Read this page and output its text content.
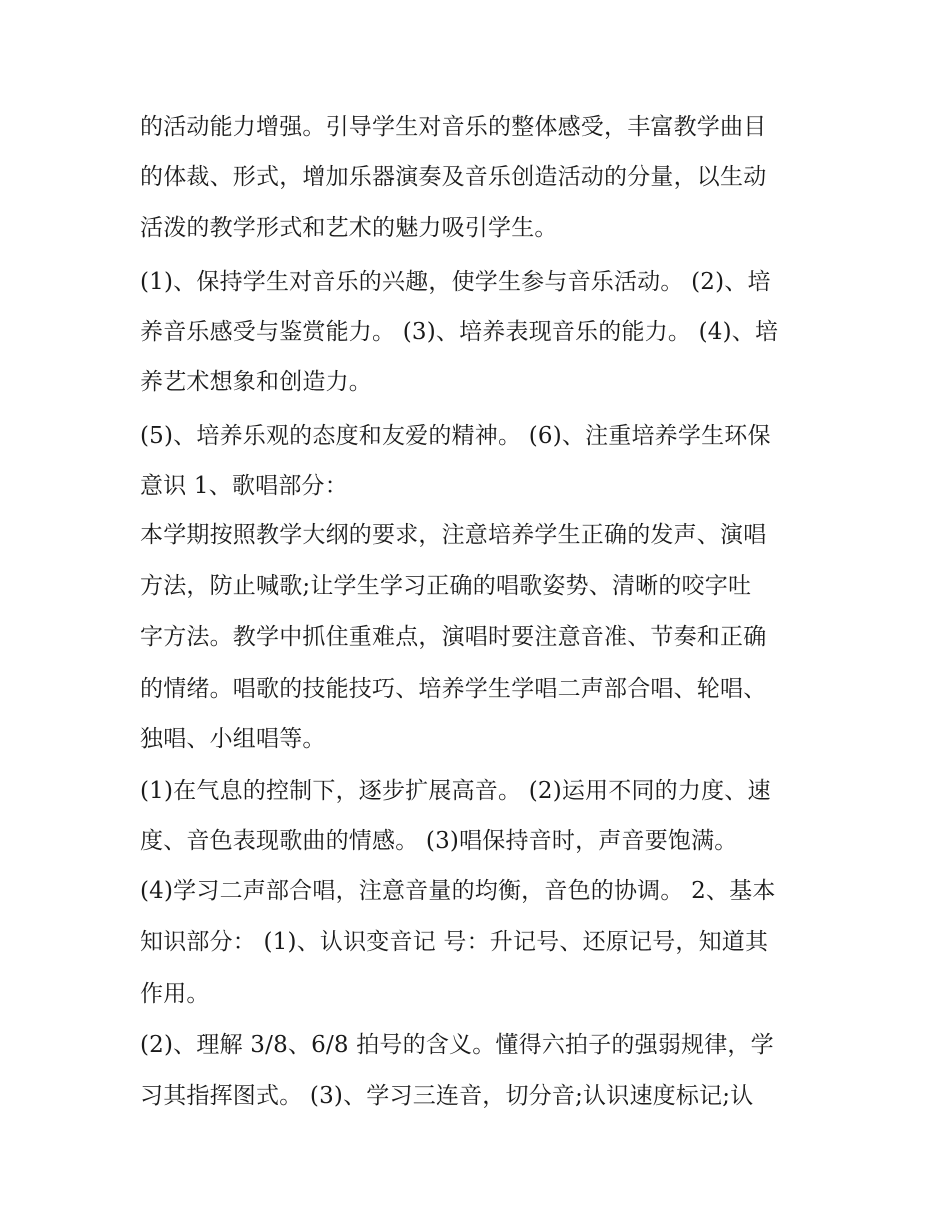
的活动能力增强。引导学生对音乐的整体感受，丰富教学曲目
的体裁、形式，增加乐器演奏及音乐创造活动的分量，以生动
活泼的教学形式和艺术的魅力吸引学生。
(1)、保持学生对音乐的兴趣，使学生参与音乐活动。 (2)、培
养音乐感受与鉴赏能力。 (3)、培养表现音乐的能力。 (4)、培
养艺术想象和创造力。
(5)、培养乐观的态度和友爱的精神。 (6)、注重培养学生环保
意识 1、歌唱部分：
本学期按照教学大纲的要求，注意培养学生正确的发声、演唱
方法，防止喊歌;让学生学习正确的唱歌姿势、清晰的咬字吐
字方法。教学中抓住重难点，演唱时要注意音准、节奏和正确
的情绪。唱歌的技能技巧、培养学生学唱二声部合唱、轮唱、
独唱、小组唱等。
(1)在气息的控制下，逐步扩展高音。 (2)运用不同的力度、速
度、音色表现歌曲的情感。 (3)唱保持音时，声音要饱满。
(4)学习二声部合唱，注意音量的均衡，音色的协调。 2、基本
知识部分： (1)、认识变音记 号：升记号、还原记号，知道其
作用。
(2)、理解 3/8、6/8 拍号的含义。懂得六拍子的强弱规律，学
习其指挥图式。 (3)、学习三连音，切分音;认识速度标记;认
